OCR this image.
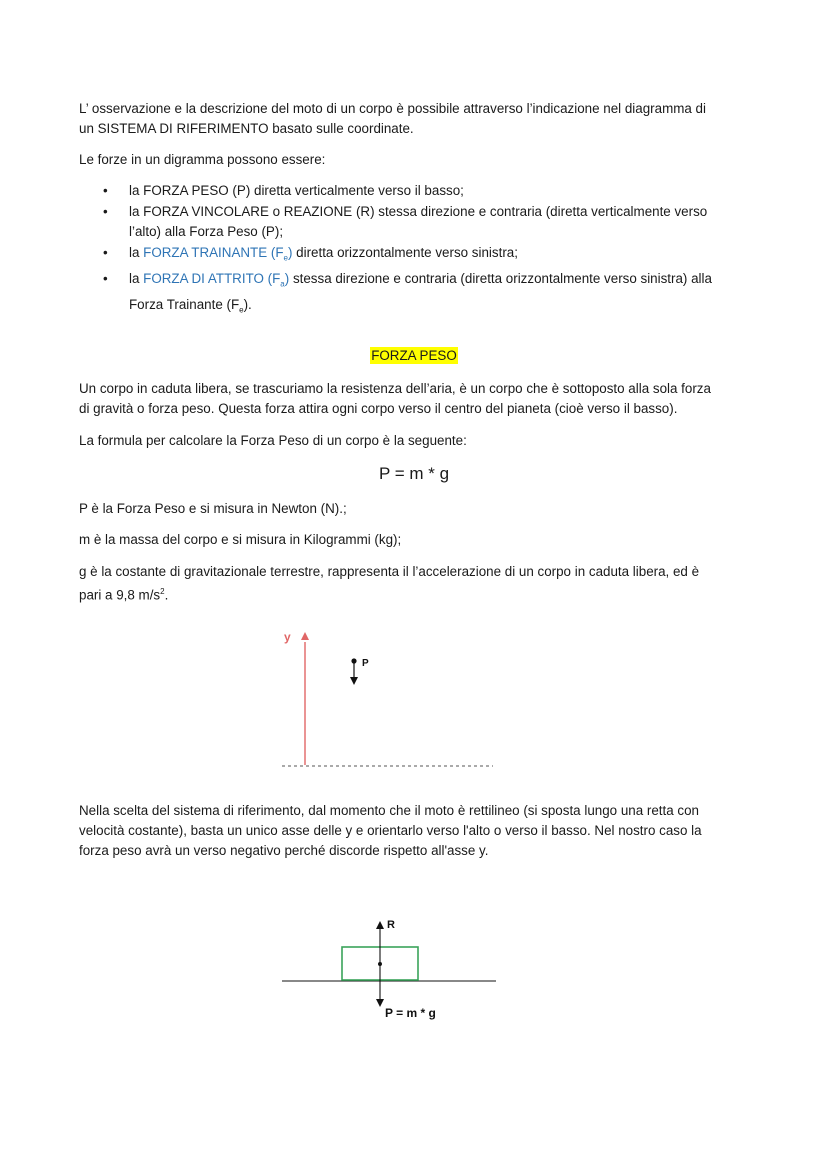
L’ osservazione e la descrizione del moto di un corpo è possibile attraverso l’indicazione nel diagramma di
un SISTEMA DI RIFERIMENTO basato sulle coordinate.

Le forze in un digramma possono essere:

• la FORZA PESO (P) diretta verticalmente verso il basso;
• la FORZA VINCOLARE o REAZIONE (R) stessa direzione e contraria (diretta verticalmente verso
l’alto) alla Forza Peso (P);
• la FORZA TRAINANTE $(F_e)$ diretta orizzontalmente verso sinistra;
• la FORZA DI ATTRITO $(F_a)$ stessa direzione e contraria (diretta orizzontalmente verso sinistra) alla
Forza Trainante $(F_e)$.
FORZA PESO

Un corpo in caduta libera, se trascuriamo la resistenza dell’aria, è un corpo che è sottoposto alla sola forza
di gravità o forza peso. Questa forza attira ogni corpo verso il centro del pianeta (cioè verso il basso).

La formula per calcolare la Forza Peso di un corpo è la seguente:

P = m * g

P è la Forza Peso e si misura in Newton (N).;

m è la massa del corpo e si misura in Kilogrammi (kg);

g è la costante di gravitazionale terrestre, rappresenta il l’accelerazione di un corpo in caduta libera, ed è
pari a 9,8 $m/s^2$.

y
P
R
P = m * g

Nella scelta del sistema di riferimento, dal momento che il moto è rettilineo (si sposta lungo una retta con
velocità costante), basta un unico asse delle y e orientarlo verso l'alto o verso il basso. Nel nostro caso la
forza peso avrà un verso negativo perché discorde rispetto all'asse y.
